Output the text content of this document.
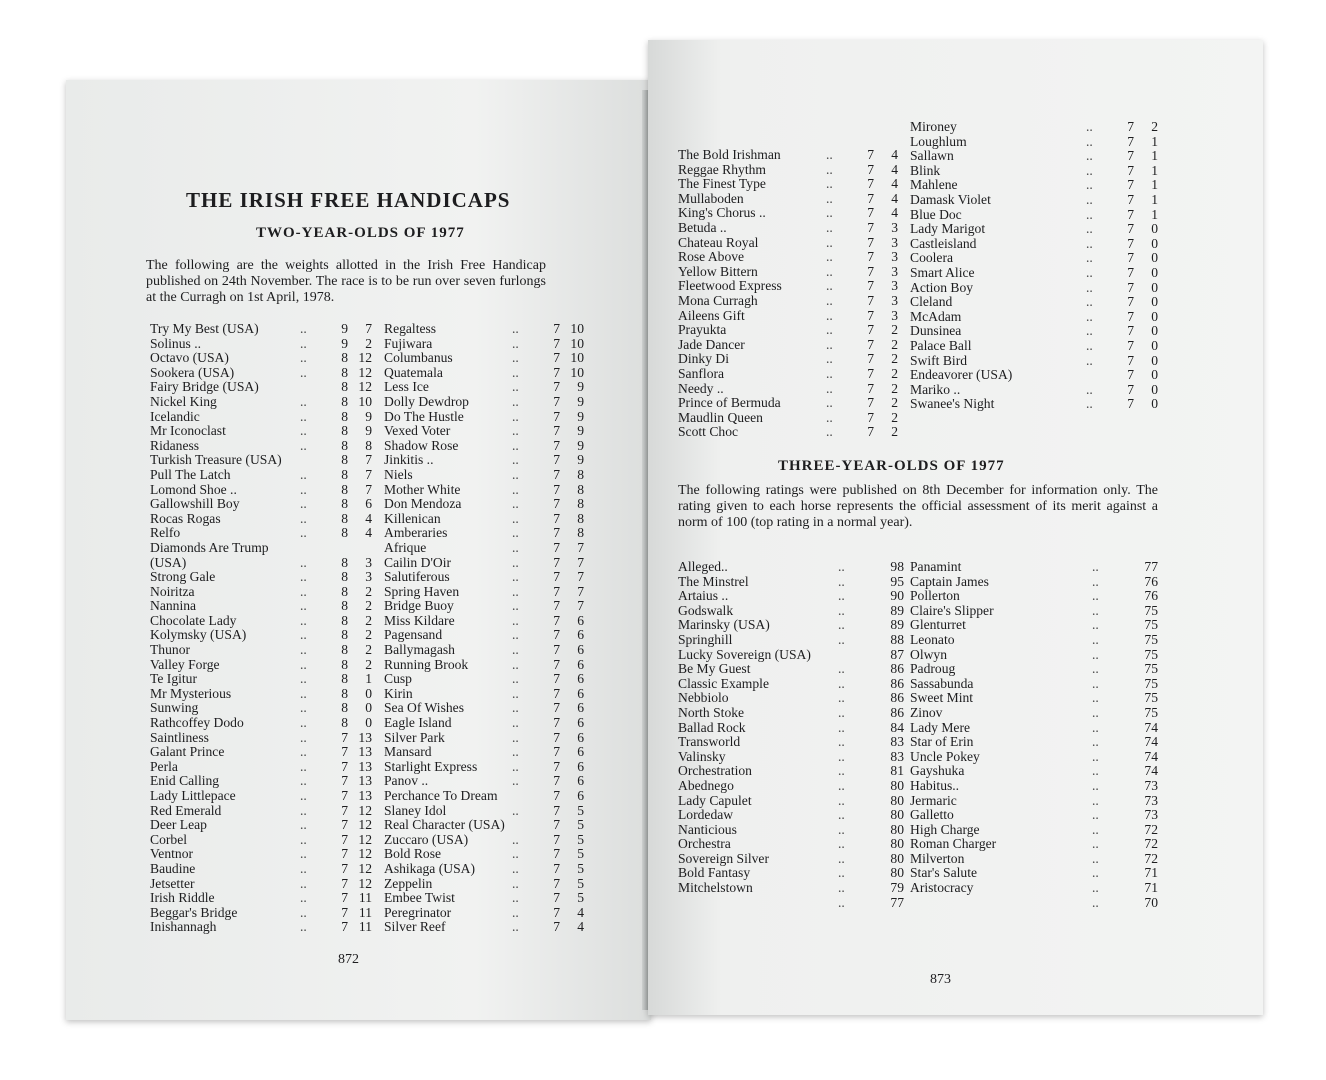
THE IRISH FREE HANDICAPS
TWO-YEAR-OLDS OF 1977
The following are the weights allotted in the Irish Free Handicap published on 24th November. The race is to be run over seven furlongs at the Curragh on 1st April, 1978.
Try My Best (USA)	..	9	7
Solinus ..	..	9	2
Octavo (USA)	..	8 12
Sookera (USA)	..	8 12
Fairy Bridge (USA)	8 12
Nickel King	..	8 10
Icelandic	..	8	9
Mr Iconoclast	..	8	9
Ridaness	..	8	8
Turkish Treasure (USA)	8	7
Pull The Latch	..	8	7
Lomond Shoe ..	..	8	7
Gallowshill Boy	..	8	6
Rocas Rogas	..	8	4
Relfo	..	8	4
Diamonds Are Trump
(USA)	..	8	3
Strong Gale	..	8	3
Noiritza	..	8	2
Nannina	..	8	2
Chocolate Lady	..	8	2
Kolymsky (USA)	..	8	2
Thunor	..	8	2
Valley Forge	..	8	2
Te Igitur	..	8	1
Mr Mysterious	..	8	0
Sunwing	..	8	0
Rathcoffey Dodo	..	8	0
Saintliness	..	7 13
Galant Prince	..	7 13
Perla	..	7 13
Enid Calling	..	7 13
Lady Littlepace	..	7 13
Red Emerald	..	7 12
Deer Leap	..	7 12
Corbel	..	7 12
Ventnor	..	7 12
Baudine	..	7 12
Jetsetter	..	7 12
Irish Riddle	..	7 11
Beggar's Bridge	..	7 11
Inishannagh	..	7 11
Regaltess	..	7 10
Fujiwara	..	7 10
Columbanus	..	7 10
Quatemala	..	7 10
Less Ice	..	7	9
Dolly Dewdrop	..	7	9
Do The Hustle	..	7	9
Vexed Voter	..	7	9
Shadow Rose	..	7	9
Jinkitis ..	..	7	9
Niels	..	7	8
Mother White	..	7	8
Don Mendoza	..	7	8
Killenican	..	7	8
Amberaries	..	7	8
Afrique	..	7	7
Cailin D'Oir	..	7	7
Salutiferous	..	7	7
Spring Haven	..	7	7
Bridge Buoy	..	7	7
Miss Kildare	..	7	6
Pagensand	..	7	6
Ballymagash	..	7	6
Running Brook	..	7	6
Cusp	..	7	6
Kirin	..	7	6
Sea Of Wishes	..	7	6
Eagle Island	..	7	6
Silver Park	..	7	6
Mansard	..	7	6
Starlight Express	..	7	6
Panov ..	..	7	6
Perchance To Dream	7	6
Slaney Idol	..	7	5
Real Character (USA)	7	5
Zuccaro (USA)	..	7	5
Bold Rose	..	7	5
Ashikaga (USA)	..	7	5
Zeppelin	..	7	5
Embee Twist	..	7	5
Peregrinator	..	7	4
Silver Reef	..	7	4
872
The Bold Irishman	..	7	4
Reggae Rhythm	..	7	4
The Finest Type	..	7	4
Mullaboden	..	7	4
King's Chorus ..	..	7	4
Betuda ..	..	7	3
Chateau Royal	..	7	3
Rose Above	..	7	3
Yellow Bittern	..	7	3
Fleetwood Express	..	7	3
Mona Curragh	..	7	3
Aileens Gift	..	7	3
Prayukta	..	7	2
Jade Dancer	..	7	2
Dinky Di	..	7	2
Sanflora	..	7	2
Needy ..	..	7	2
Prince of Bermuda	..	7	2
Maudlin Queen	..	7	2
Scott Choc	..	7	2
Mironey	..	7	2
Loughlum	..	7	1
Sallawn	..	7	1
Blink	..	7	1
Mahlene	..	7	1
Damask Violet	..	7	1
Blue Doc	..	7	1
Lady Marigot	..	7	0
Castleisland	..	7	0
Coolera	..	7	0
Smart Alice	..	7	0
Action Boy	..	7	0
Cleland	..	7	0
McAdam	..	7	0
Dunsinea	..	7	0
Palace Ball	..	7	0
Swift Bird	..	7	0
Endeavorer (USA)	7	0
Mariko ..	..	7	0
Swanee's Night	..	7	0
THREE-YEAR-OLDS OF 1977
The following ratings were published on 8th December for information only. The rating given to each horse represents the official assessment of its merit against a norm of 100 (top rating in a normal year).
Alleged..	..	98
The Minstrel	..	95
Artaius ..	..	90
Godswalk	..	89
Marinsky (USA)	..	89
Springhill	..	88
Lucky Sovereign (USA)	87
Be My Guest	..	86
Classic Example	..	86
Nebbiolo	..	86
North Stoke	..	86
Ballad Rock	..	84
Transworld	..	83
Valinsky	..	83
Orchestration	..	81
Abednego	..	80
Lady Capulet	..	80
Lordedaw	..	80
Nanticious	..	80
Orchestra	..	80
Sovereign Silver	..	80
Bold Fantasy	..	80
Mitchelstown	..	79
..	77
Panamint	..	77
Captain James	..	76
Pollerton	..	76
Claire's Slipper	..	75
Glenturret	..	75
Leonato	..	75
Olwyn	..	75
Padroug	..	75
Sassabunda	..	75
Sweet Mint	..	75
Zinov	..	75
Lady Mere	..	74
Star of Erin	..	74
Uncle Pokey	..	74
Gayshuka	..	74
Habitus..	..	73
Jermaric	..	73
Galletto	..	73
High Charge	..	72
Roman Charger	..	72
Milverton	..	72
Star's Salute	..	71
Aristocracy	..	71
..	70
873
